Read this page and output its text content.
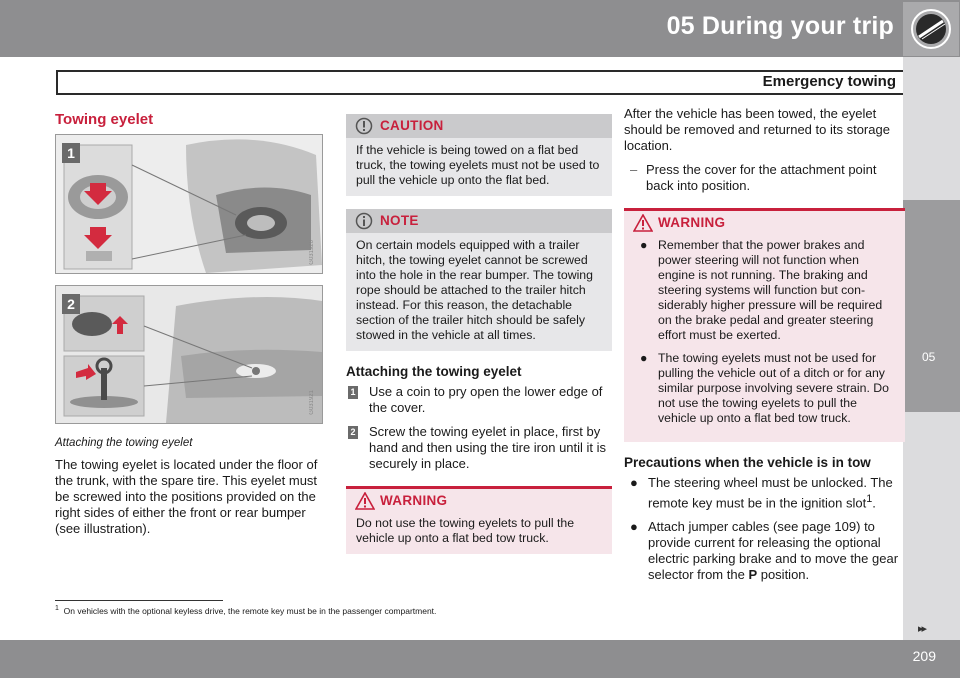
05 During your trip
Emergency towing
05
Towing eyelet
1
G031920
2
G031921
Attaching the towing eyelet

The towing eyelet is located under the floor of the trunk, with the spare tire. This eyelet must be screwed into the positions provided on the right sides of either the front or rear bumper (see illustration).

CAUTION
If the vehicle is being towed on a flat bed truck, the towing eyelets must not be used to pull the vehicle up onto the flat bed.
NOTE
On certain models equipped with a trailer hitch, the towing eyelet cannot be screwed into the hole in the rear bumper. The towing rope should be attached to the trailer hitch instead. For this reason, the detachable section of the trailer hitch should be safely stowed in the vehicle at all times.
Attaching the towing eyelet
1 Use a coin to pry open the lower edge of the cover.
2 Screw the towing eyelet in place, first by hand and then using the tire iron until it is securely in place.
WARNING
Do not use the towing eyelets to pull the vehicle up onto a flat bed tow truck.

After the vehicle has been towed, the eyelet should be removed and returned to its storage location.

– Press the cover for the attachment point back into position.
WARNING
● Remember that the power brakes and power steering will not function when engine is not running. The braking and steering systems will function but con-siderably higher pressure will be required on the brake pedal and greater steering effort must be exerted.
● The towing eyelets must not be used for pulling the vehicle out of a ditch or for any similar purpose involving severe strain. Do not use the towing eyelets to pull the vehicle up onto a flat bed tow truck.
Precautions when the vehicle is in tow
● The steering wheel must be unlocked. The remote key must be in the ignition slot$^1$.
● Attach jumper cables (see page 109) to provide current for releasing the optional electric parking brake and to move the gear selector from the P position.
$^1$ On vehicles with the optional keyless drive, the remote key must be in the passenger compartment.
▸▸
209
